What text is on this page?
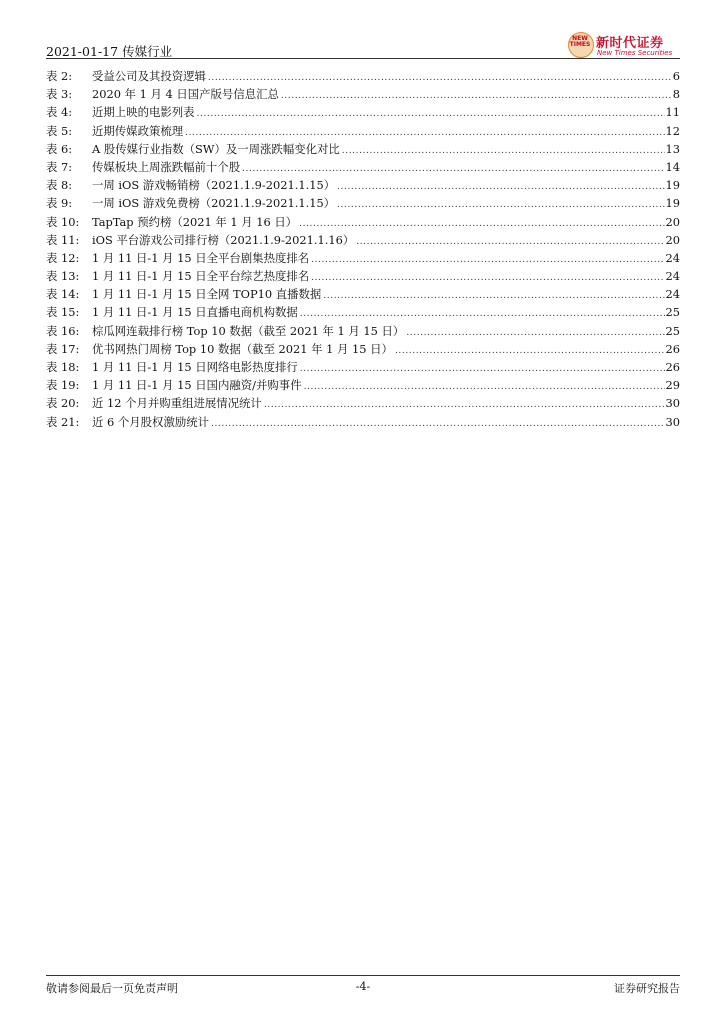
2021-01-17 传媒行业
NEW TIMES 新时代证券
New Times Securities
表 2:	受益公司及其投资逻辑 .....	6
表 3:	2020 年 1 月 4 日国产版号信息汇总 .....	8
表 4:	近期上映的电影列表 .....	11
表 5:	近期传媒政策梳理 .....	12
表 6:	A 股传媒行业指数（SW）及一周涨跌幅变化对比 .....	13
表 7:	传媒板块上周涨跌幅前十个股 .....	14
表 8:	一周 iOS 游戏畅销榜（2021.1.9-2021.1.15） .....	19
表 9:	一周 iOS 游戏免费榜（2021.1.9-2021.1.15） .....	19
表 10:	TapTap 预约榜（2021 年 1 月 16 日） .....	20
表 11:	iOS 平台游戏公司排行榜（2021.1.9-2021.1.16） .....	20
表 12:	1 月 11 日-1 月 15 日全平台剧集热度排名 .....	24
表 13:	1 月 11 日-1 月 15 日全平台综艺热度排名 .....	24
表 14:	1 月 11 日-1 月 15 日全网 TOP10 直播数据 .....	24
表 15:	1 月 11 日-1 月 15 日直播电商机构数据 .....	25
表 16:	棕瓜网连载排行榜 Top 10 数据（截至 2021 年 1 月 15 日） .....	25
表 17:	优书网热门周榜 Top 10 数据（截至 2021 年 1 月 15 日） .....	26
表 18:	1 月 11 日-1 月 15 日网络电影热度排行 .....	26
表 19:	1 月 11 日-1 月 15 日国内融资/并购事件 .....	29
表 20:	近 12 个月并购重组进展情况统计 .....	30
表 21:	近 6 个月股权激励统计 .....	30
敬请参阅最后一页免责声明	-4-	证券研究报告
